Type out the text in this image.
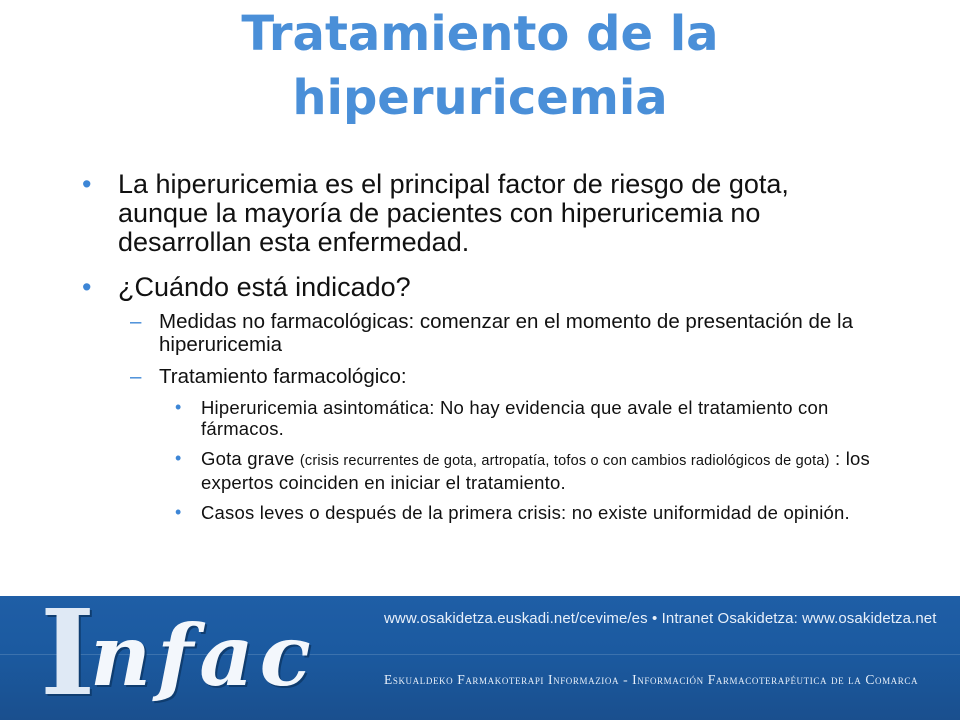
Tratamiento de la
hiperuricemia
• La hiperuricemia es el principal factor de riesgo de gota, aunque la mayoría de pacientes con hiperuricemia no desarrollan esta enfermedad.
• ¿Cuándo está indicado?
– Medidas no farmacológicas: comenzar en el momento de presentación de la hiperuricemia
– Tratamiento farmacológico:
• Hiperuricemia asintomática: No hay evidencia que avale el tratamiento con fármacos.
• Gota grave (crisis recurrentes de gota, artropatía, tofos o con cambios radiológicos de gota) : los expertos coinciden en iniciar el tratamiento.
• Casos leves o después de la primera crisis: no existe uniformidad de opinión.
I
nfac	www.osakidetza.euskadi.net/cevime/es • Intranet Osakidetza: www.osakidetza.net
Eskualdeko Farmakoterapi Informazioa - Información Farmacoterapéutica de la Comarca
